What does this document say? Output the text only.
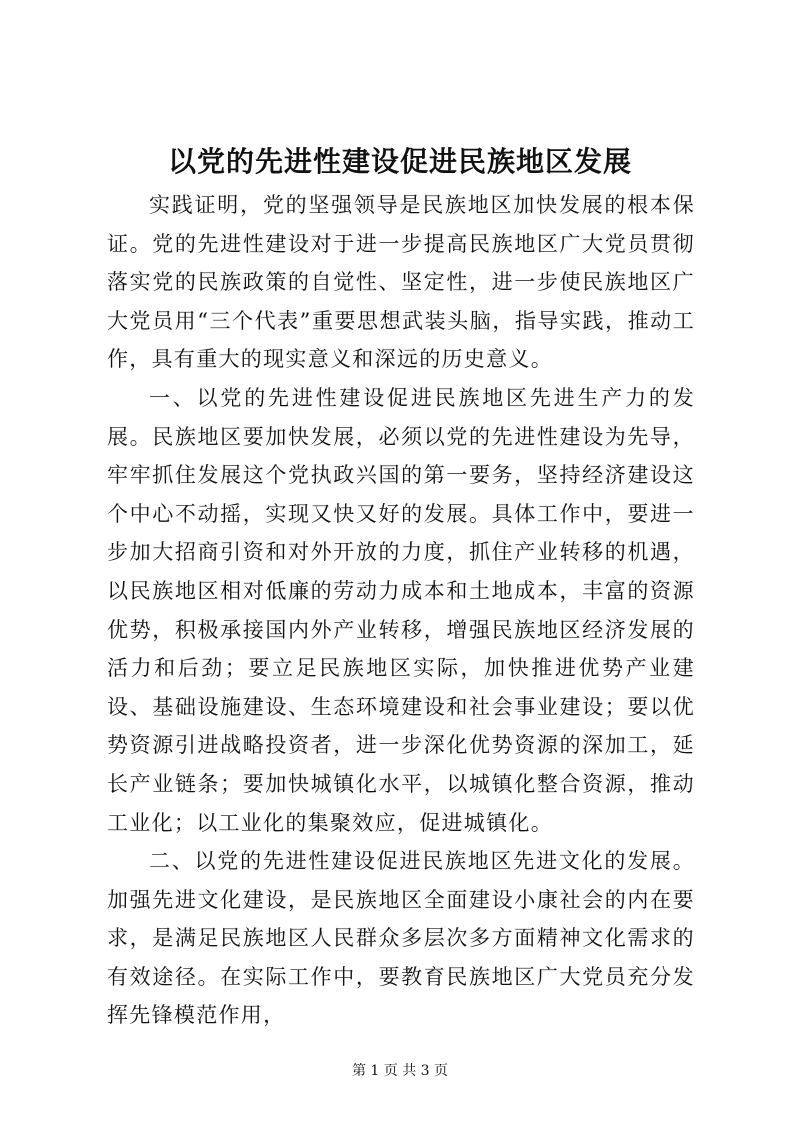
以党的先进性建设促进民族地区发展

实践证明，党的坚强领导是民族地区加快发展的根本保证。党的先进性建设对于进一步提高民族地区广大党员贯彻落实党的民族政策的自觉性、坚定性，进一步使民族地区广大党员用“三个代表”重要思想武装头脑，指导实践，推动工作，具有重大的现实意义和深远的历史意义。

一、以党的先进性建设促进民族地区先进生产力的发展。民族地区要加快发展，必须以党的先进性建设为先导，牢牢抓住发展这个党执政兴国的第一要务，坚持经济建设这个中心不动摇，实现又快又好的发展。具体工作中，要进一步加大招商引资和对外开放的力度，抓住产业转移的机遇，以民族地区相对低廉的劳动力成本和土地成本，丰富的资源优势，积极承接国内外产业转移，增强民族地区经济发展的活力和后劲；要立足民族地区实际，加快推进优势产业建设、基础设施建设、生态环境建设和社会事业建设；要以优势资源引进战略投资者，进一步深化优势资源的深加工，延长产业链条；要加快城镇化水平，以城镇化整合资源，推动工业化；以工业化的集聚效应，促进城镇化。

二、以党的先进性建设促进民族地区先进文化的发展。加强先进文化建设，是民族地区全面建设小康社会的内在要求，是满足民族地区人民群众多层次多方面精神文化需求的有效途径。在实际工作中，要教育民族地区广大党员充分发挥先锋模范作用，

第 1 页 共 3 页
